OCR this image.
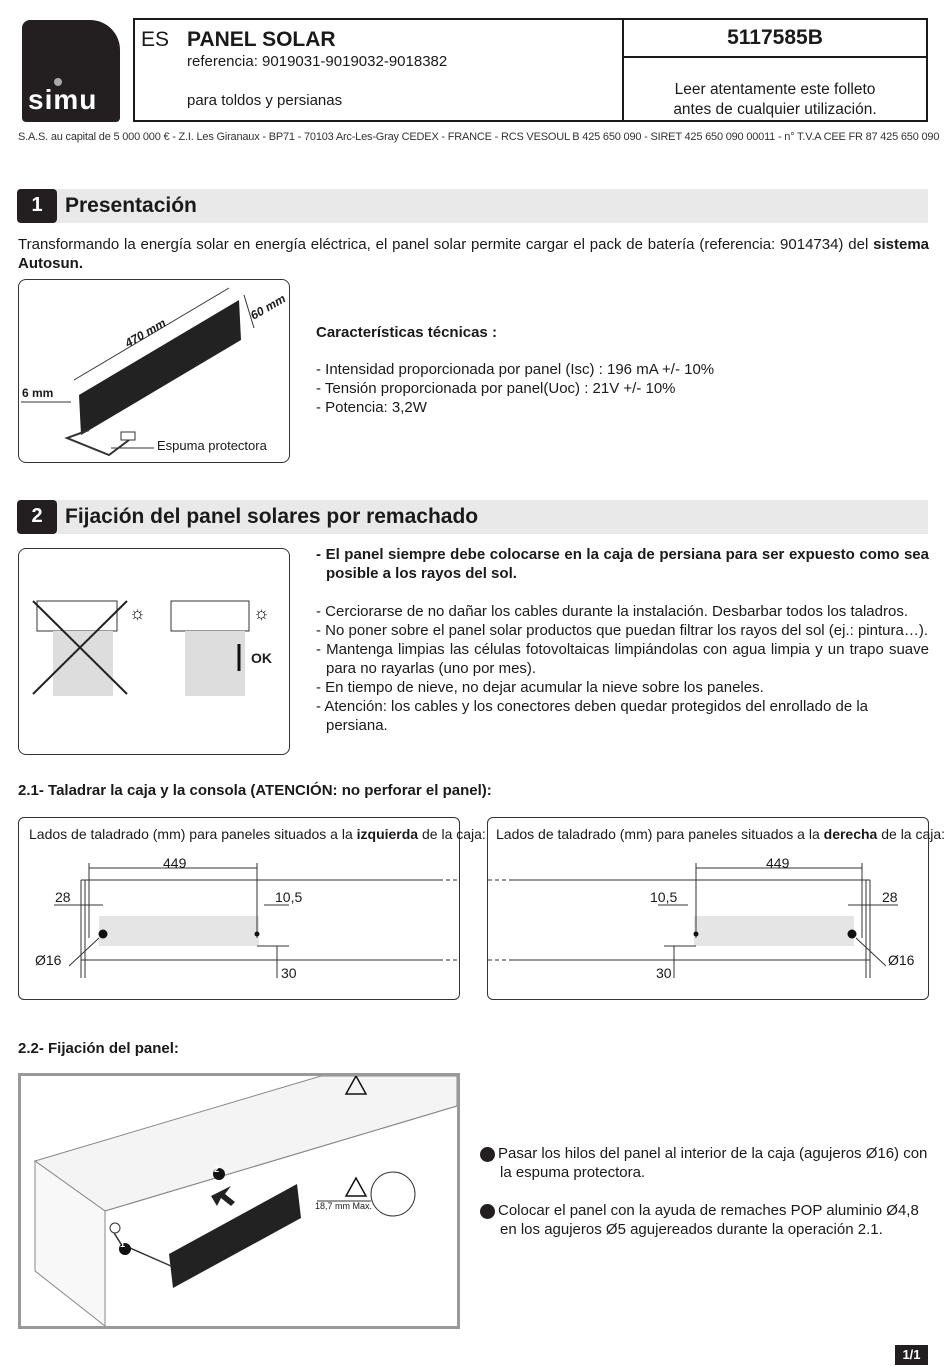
simu
ES PANEL SOLAR
referencia: 9019031-9019032-9018382
para toldos y persianas
5117585B
Leer atentamente este folleto
antes de cualquier utilización.
S.A.S. au capital de 5 000 000 € - Z.I. Les Giranaux - BP71 - 70103 Arc-Les-Gray CEDEX - FRANCE - RCS VESOUL B 425 650 090 - SIRET 425 650 090 00011 - n° T.V.A CEE FR 87 425 650 090
1	Presentación

Transformando la energía solar en energía eléctrica, el panel solar permite cargar el pack de batería (referencia: 9014734) del sistema Autosun.

470 mm
60 mm
6 mm
Espuma protectora
Características técnicas :
- Intensidad proporcionada por panel (Isc) : 196 mA +/- 10%
- Tensión proporcionada por panel(Uoc) : 21V +/- 10%
- Potencia: 3,2W
2	Fijación del panel solares por remachado
☼	☼
OK

- El panel siempre debe colocarse en la caja de persiana para ser expuesto como sea posible a los rayos del sol.

- Cerciorarse de no dañar los cables durante la instalación. Desbarbar todos los taladros.

- No poner sobre el panel solar productos que puedan filtrar los rayos del sol (ej.: pintura…).

- Mantenga limpias las células fotovoltaicas limpiándolas con agua limpia y un trapo suave para no rayarlas (uno por mes).

- En tiempo de nieve, no dejar acumular la nieve sobre los paneles.

- Atención: los cables y los conectores deben quedar protegidos del enrollado de la persiana.

2.1- Taladrar la caja y la consola (ATENCIÓN: no perforar el panel):
Lados de taladrado (mm) para paneles situados a la izquierda de la caja:
449
28	10,5
Ø16
30
Lados de taladrado (mm) para paneles situados a la derecha de la caja:
449
28
10,5
Ø16
30
2.2- Fijación del panel:
1
2
18,7 mm Max.

1 Pasar los hilos del panel al interior de la caja (agujeros Ø16) con la espuma protectora.

2 Colocar el panel con la ayuda de remaches POP aluminio Ø4,8 en los agujeros Ø5 agujereados durante la operación 2.1.

1/1
